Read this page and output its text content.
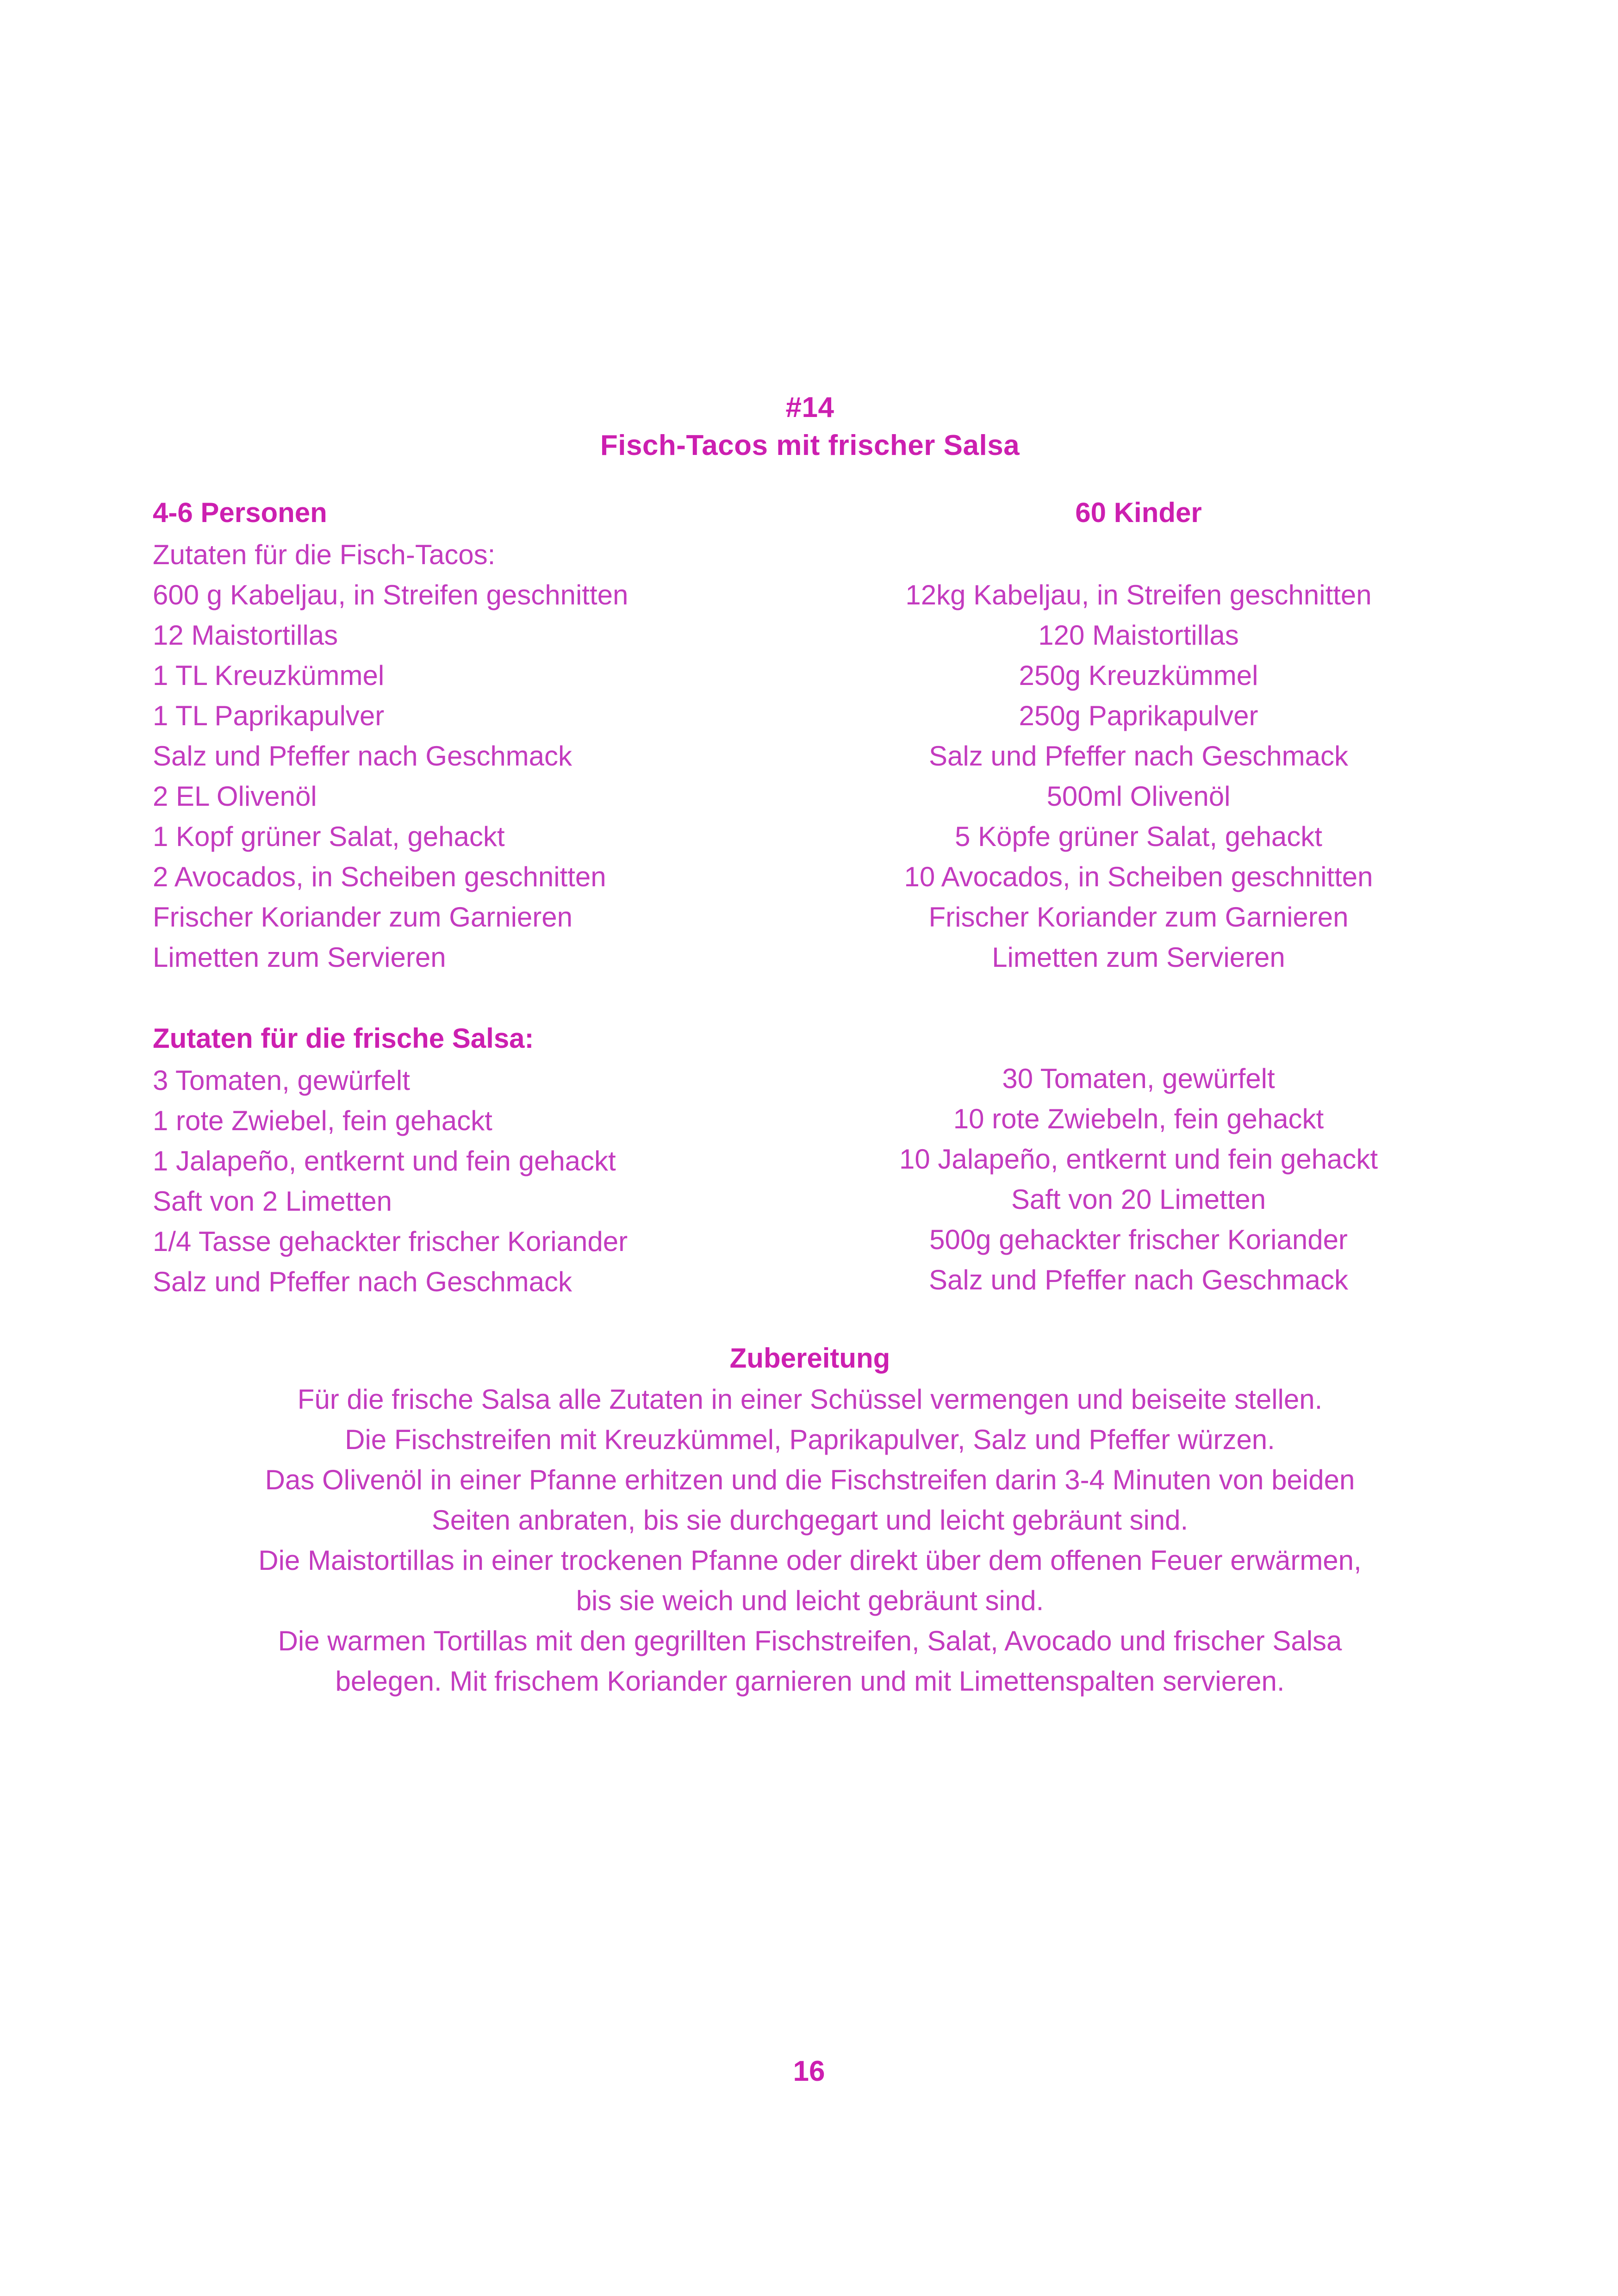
#14
Fisch-Tacos mit frischer Salsa
4-6 Personen
Zutaten für die Fisch-Tacos:
600 g Kabeljau, in Streifen geschnitten
12 Maistortillas
1 TL Kreuzkümmel
1 TL Paprikapulver
Salz und Pfeffer nach Geschmack
2 EL Olivenöl
1 Kopf grüner Salat, gehackt
2 Avocados, in Scheiben geschnitten
Frischer Koriander zum Garnieren
Limetten zum Servieren
60 Kinder

12kg Kabeljau, in Streifen geschnitten
120 Maistortillas
250g Kreuzkümmel
250g Paprikapulver
Salz und Pfeffer nach Geschmack
500ml Olivenöl
5 Köpfe grüner Salat, gehackt
10 Avocados, in Scheiben geschnitten
Frischer Koriander zum Garnieren
Limetten zum Servieren
Zutaten für die frische Salsa:
3 Tomaten, gewürfelt
1 rote Zwiebel, fein gehackt
1 Jalapeño, entkernt und fein gehackt
Saft von 2 Limetten
1/4 Tasse gehackter frischer Koriander
Salz und Pfeffer nach Geschmack

30 Tomaten, gewürfelt
10 rote Zwiebeln, fein gehackt
10 Jalapeño, entkernt und fein gehackt
Saft von 20 Limetten
500g gehackter frischer Koriander
Salz und Pfeffer nach Geschmack
Zubereitung
Für die frische Salsa alle Zutaten in einer Schüssel vermengen und beiseite stellen.
Die Fischstreifen mit Kreuzkümmel, Paprikapulver, Salz und Pfeffer würzen.
Das Olivenöl in einer Pfanne erhitzen und die Fischstreifen darin 3-4 Minuten von beiden
Seiten anbraten, bis sie durchgegart und leicht gebräunt sind.
Die Maistortillas in einer trockenen Pfanne oder direkt über dem offenen Feuer erwärmen,
bis sie weich und leicht gebräunt sind.
Die warmen Tortillas mit den gegrillten Fischstreifen, Salat, Avocado und frischer Salsa
belegen. Mit frischem Koriander garnieren und mit Limettenspalten servieren.
16
